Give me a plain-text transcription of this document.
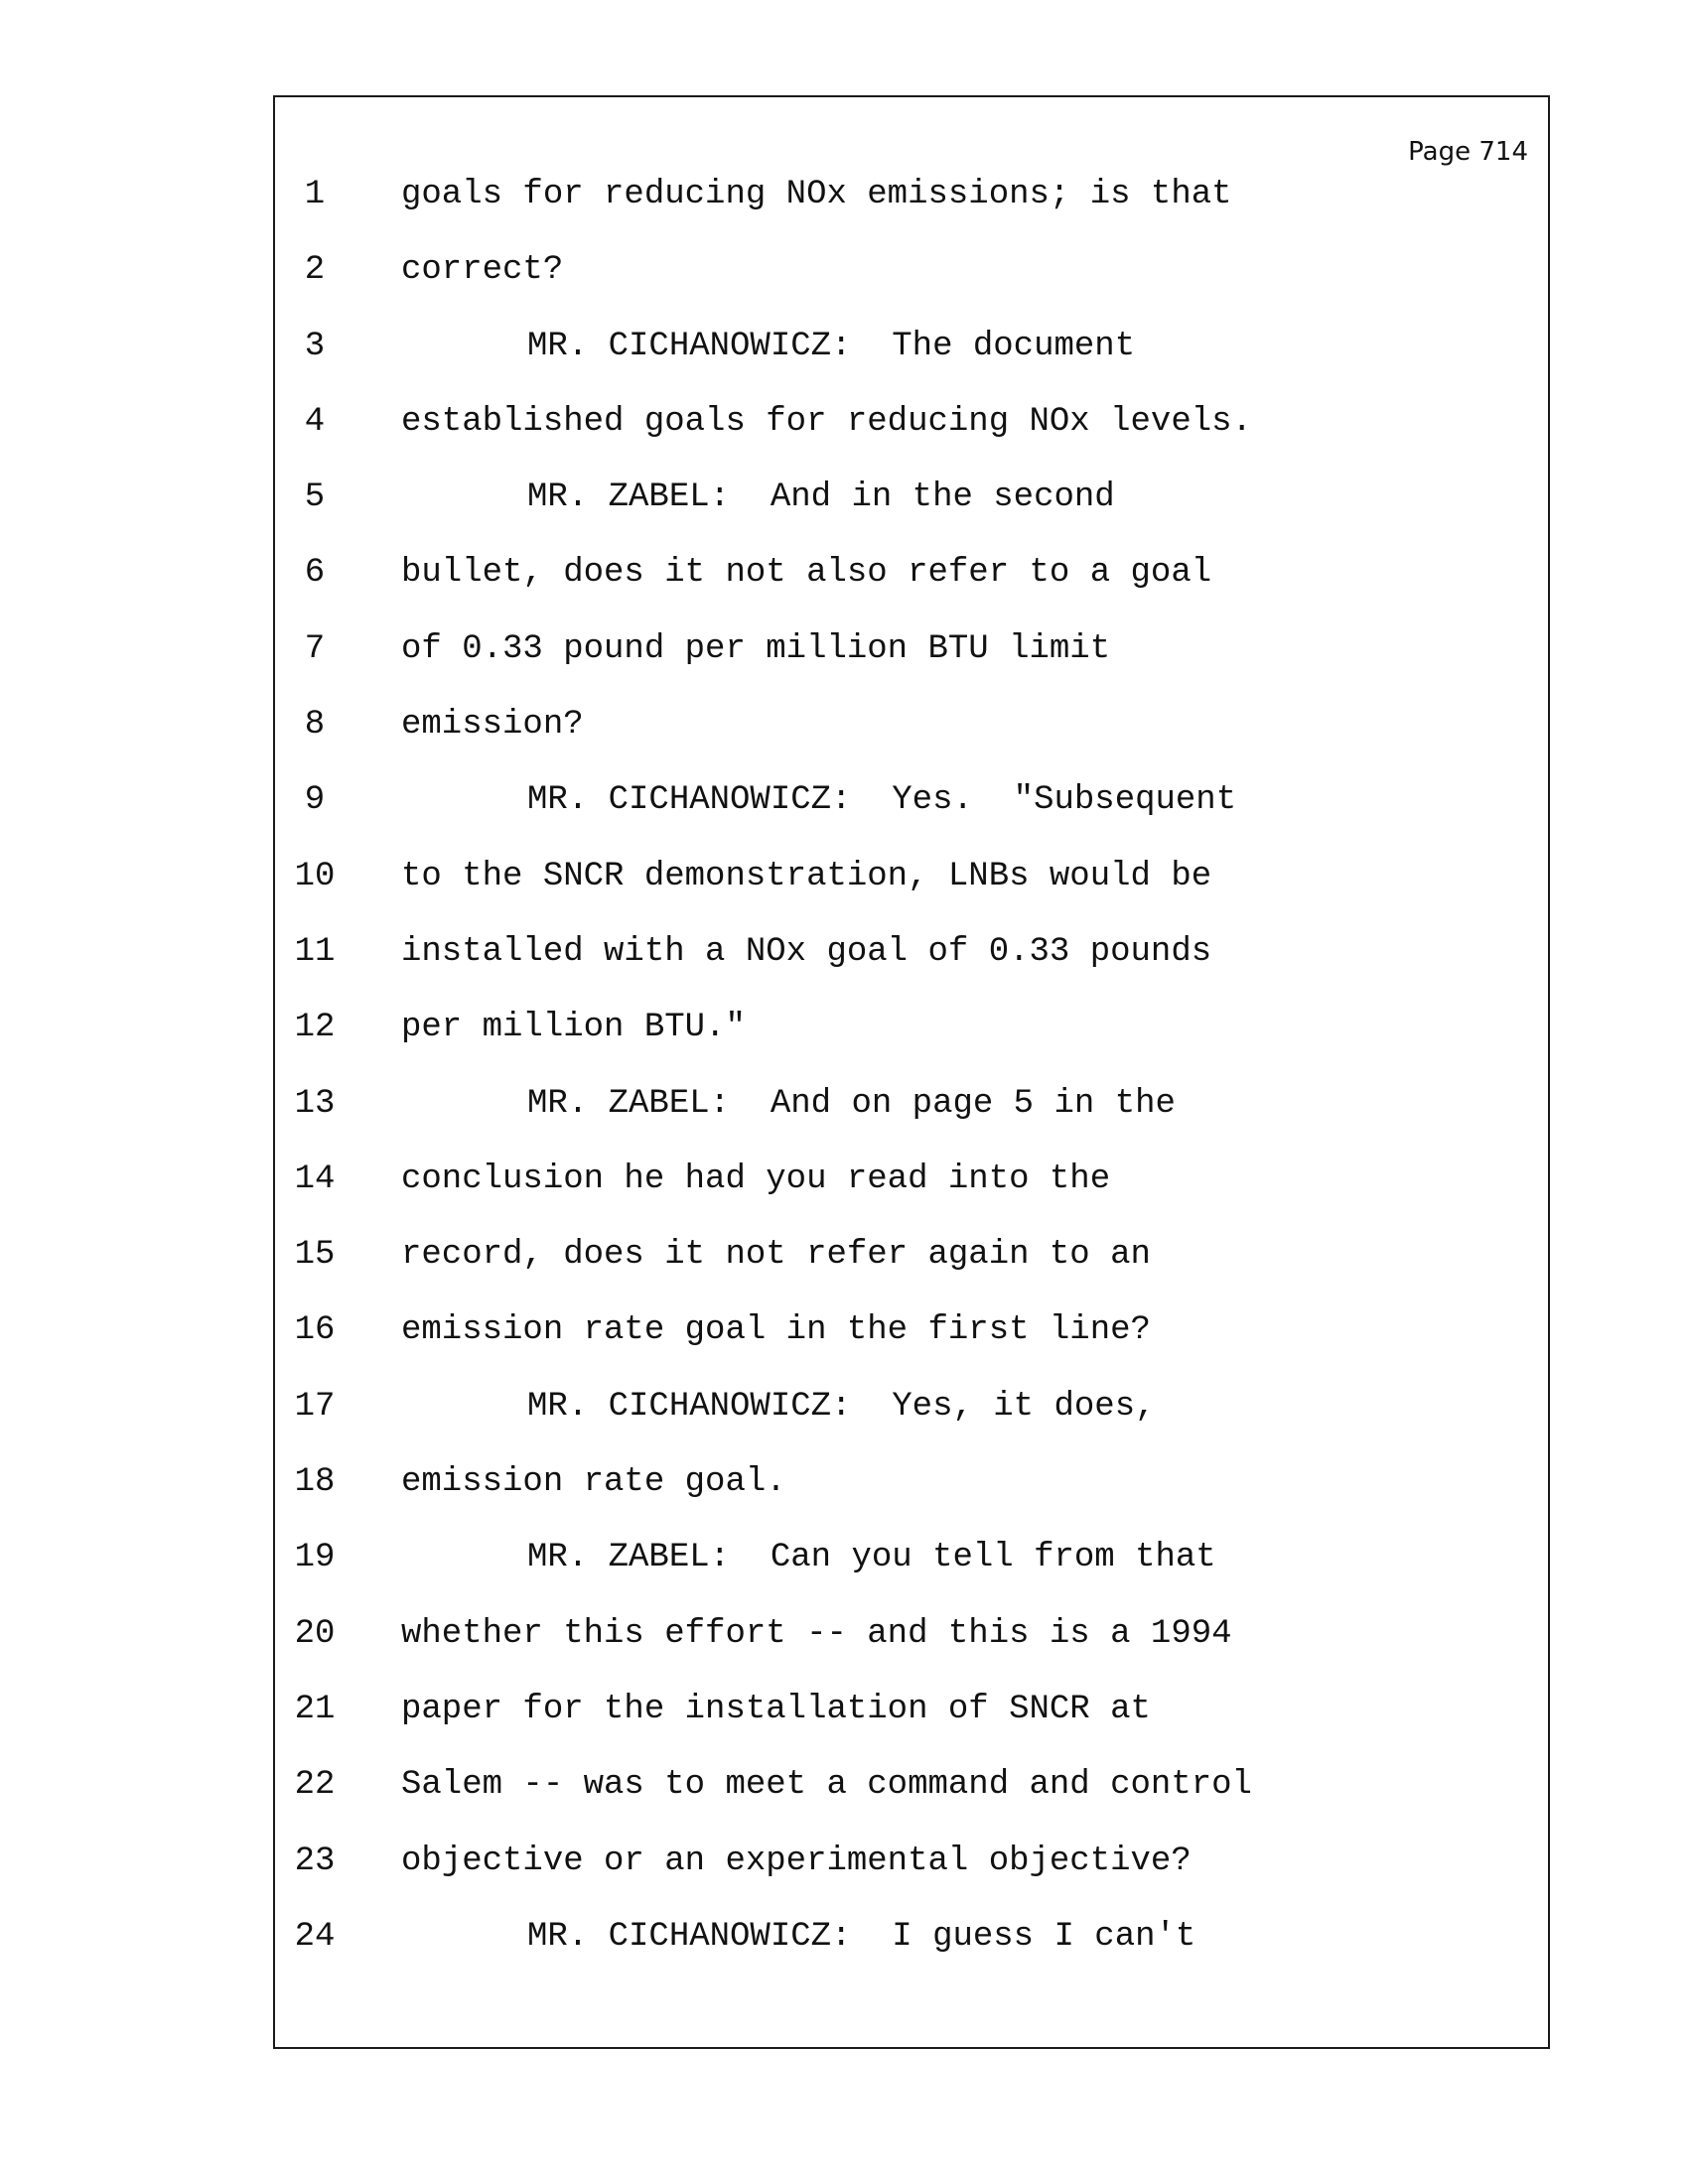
Page 714
1	goals for reducing NOx emissions; is that
2	correct?
3	MR. CICHANOWICZ:  The document
4	established goals for reducing NOx levels.
5	MR. ZABEL:  And in the second
6	bullet, does it not also refer to a goal
7	of 0.33 pound per million BTU limit
8	emission?
9	MR. CICHANOWICZ:  Yes.  "Subsequent
10	to the SNCR demonstration, LNBs would be
11	installed with a NOx goal of 0.33 pounds
12	per million BTU."
13	MR. ZABEL:  And on page 5 in the
14	conclusion he had you read into the
15	record, does it not refer again to an
16	emission rate goal in the first line?
17	MR. CICHANOWICZ:  Yes, it does,
18	emission rate goal.
19	MR. ZABEL:  Can you tell from that
20	whether this effort -- and this is a 1994
21	paper for the installation of SNCR at
22	Salem -- was to meet a command and control
23	objective or an experimental objective?
24	MR. CICHANOWICZ:  I guess I can't
